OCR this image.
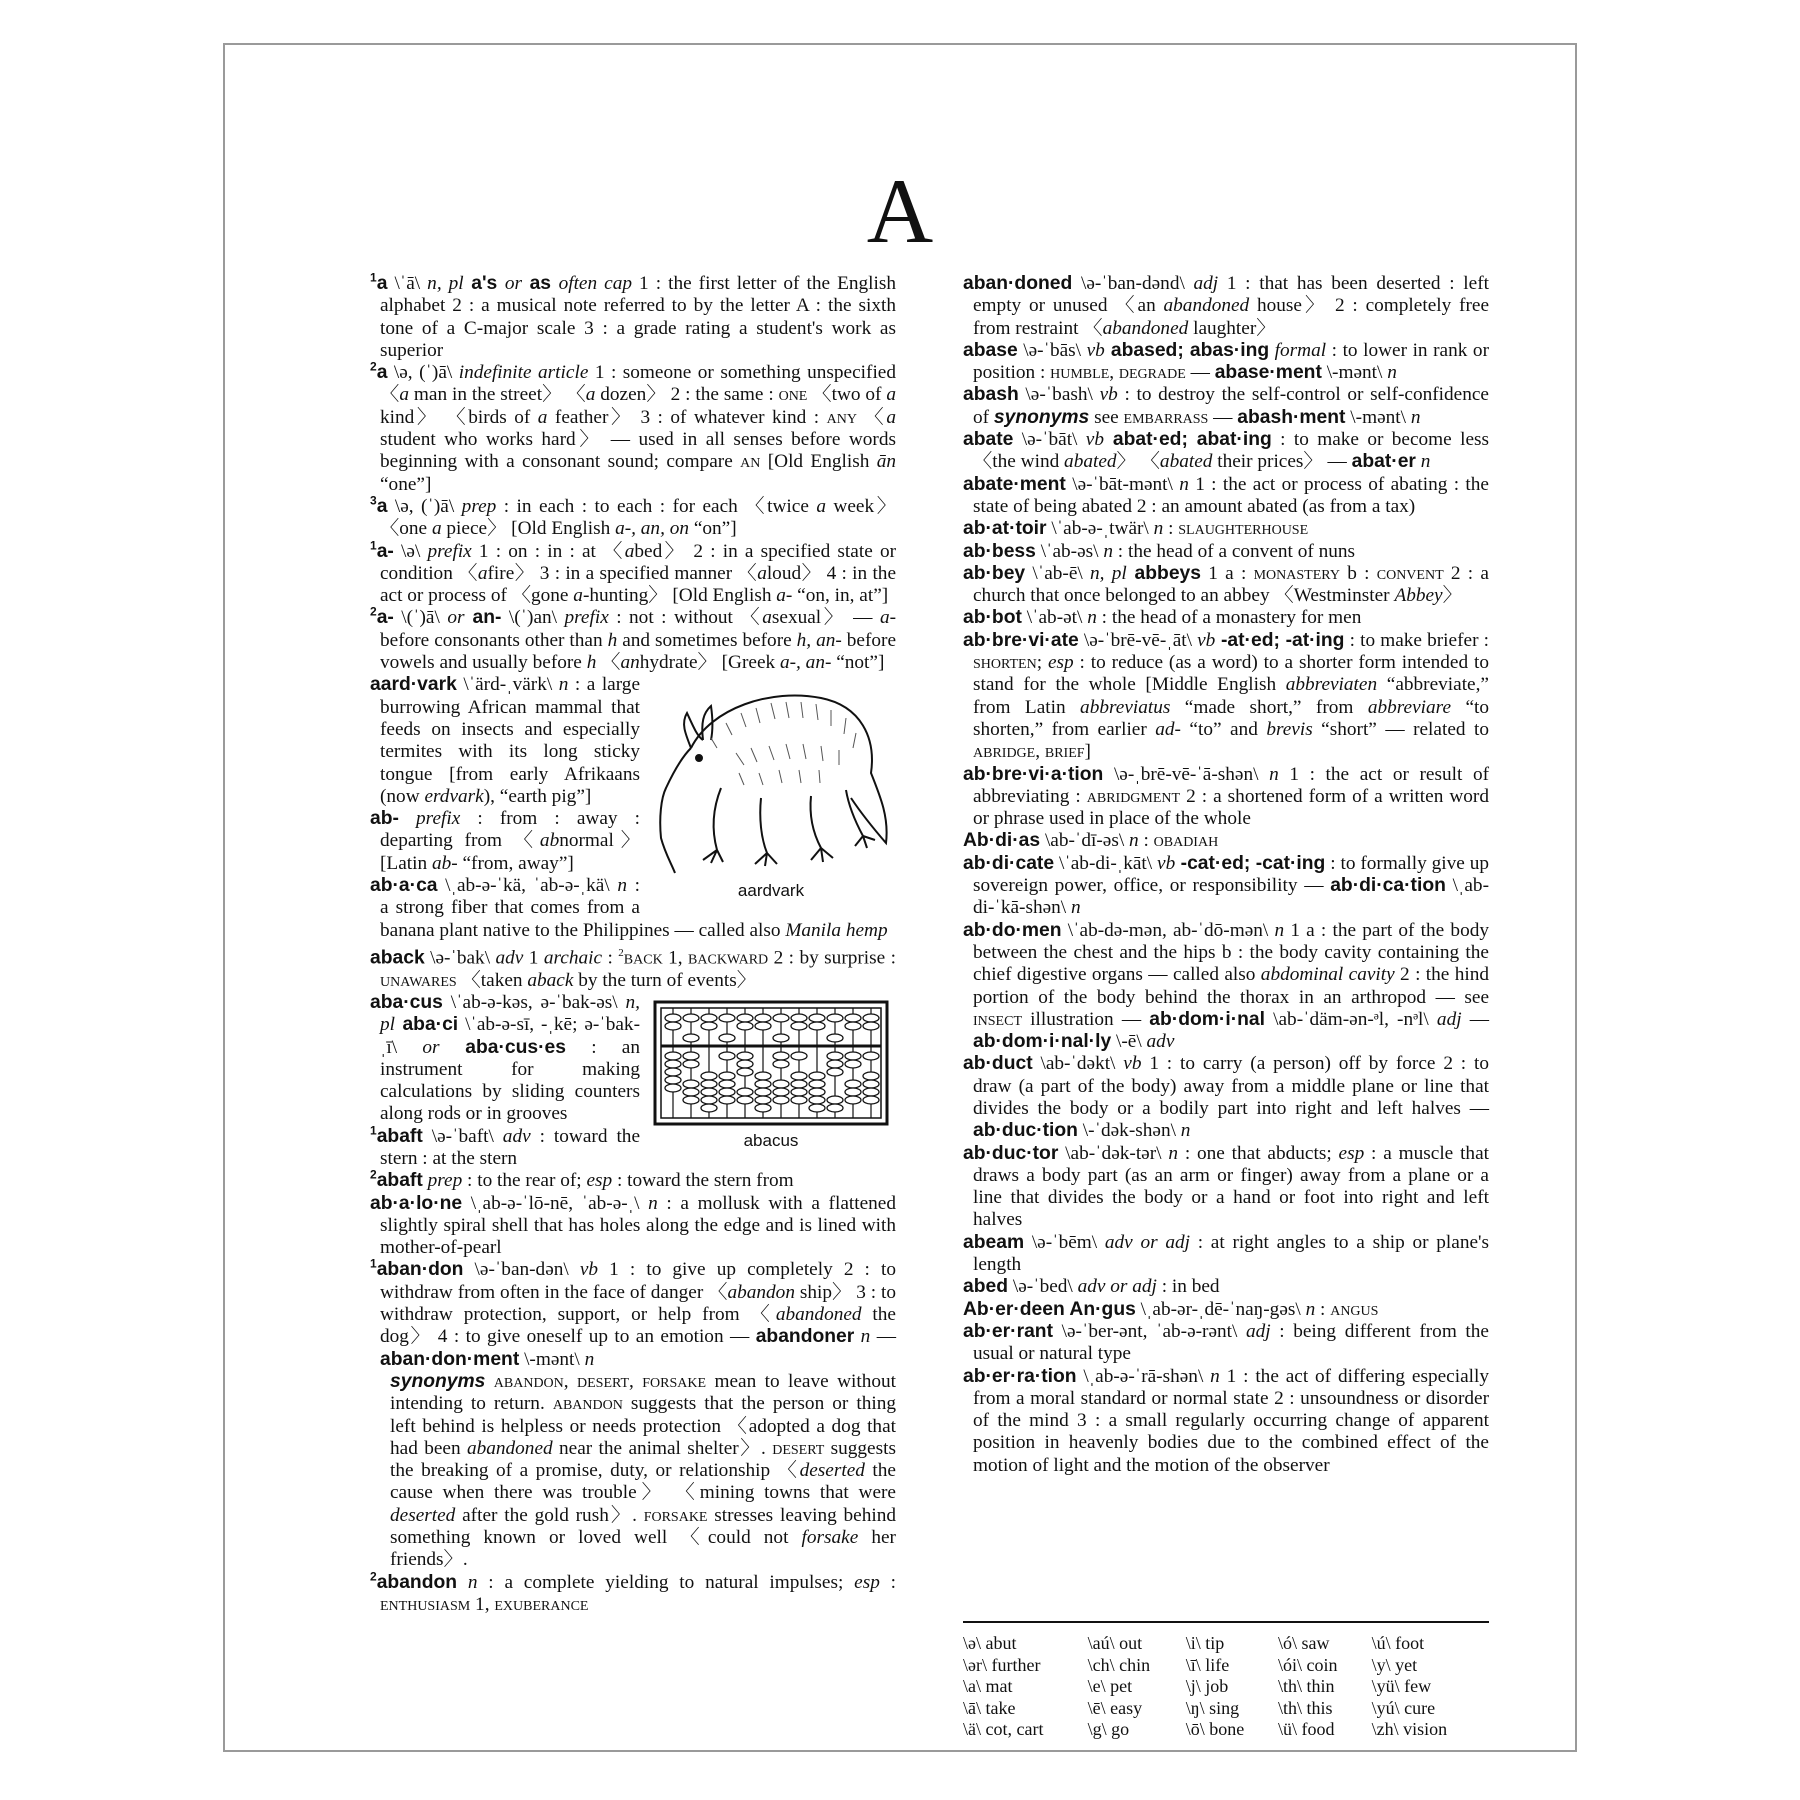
A

$^1$a \ˈā\ n, pl a's or as often cap 1 : the first letter of the English alphabet 2 : a musical note referred to by the letter A : the sixth tone of a C-major scale 3 : a grade rating a student's work as superior

$^2$a \ə, (ˈ)ā\ indefinite article 1 : someone or something unspecified 〈a man in the street〉 〈a dozen〉 2 : the same : one 〈two of a kind〉 〈birds of a feather〉 3 : of whatever kind : any 〈a student who works hard〉 — used in all senses before words beginning with a consonant sound; compare an [Old English ān “one”]

$^3$a \ə, (ˈ)ā\ prep : in each : to each : for each 〈twice a week〉 〈one a piece〉 [Old English a-, an, on “on”]

$^1$a- \ə\ prefix 1 : on : in : at 〈abed〉 2 : in a specified state or condition 〈afire〉 3 : in a specified manner 〈aloud〉 4 : in the act or process of 〈gone a-hunting〉 [Old English a- “on, in, at”]

$^2$a- \(ˈ)ā\ or an- \(ˈ)an\ prefix : not : without 〈asexual〉 — a- before consonants other than h and sometimes before h, an- before vowels and usually before h 〈anhydrate〉 [Greek a-, an- “not”]

aardvark

aard·vark \ˈärd-ˌvärk\ n : a large burrowing African mammal that feeds on insects and especially termites with its long sticky tongue [from early Afrikaans (now erdvark), “earth pig”]

ab- prefix : from : away : departing from 〈abnormal〉 [Latin ab- “from, away”]

ab·a·ca \ˌab-ə-ˈkä, ˈab-ə-ˌkä\ n : a strong fiber that comes from a banana plant native to the Philippines — called also Manila hemp

aback \ə-ˈbak\ adv 1 archaic : $^2$back 1, backward 2 : by surprise : unawares 〈taken aback by the turn of events〉

abacus

aba·cus \ˈab-ə-kəs, ə-ˈbak-əs\ n, pl aba·ci \ˈab-ə-sī, -ˌkē; ə-ˈbak-ˌī\ or aba·cus·es : an instrument for making calculations by sliding counters along rods or in grooves

$^1$abaft \ə-ˈbaft\ adv : toward the stern : at the stern

$^2$abaft prep : to the rear of; esp : toward the stern from

ab·a·lo·ne \ˌab-ə-ˈlō-nē, ˈab-ə-ˌ\ n : a mollusk with a flattened slightly spiral shell that has holes along the edge and is lined with mother-of-pearl

$^1$aban·don \ə-ˈban-dən\ vb 1 : to give up completely 2 : to withdraw from often in the face of danger 〈abandon ship〉 3 : to withdraw protection, support, or help from 〈abandoned the dog〉 4 : to give oneself up to an emotion — abandoner n — aban·don·ment \-mənt\ n

synonyms abandon, desert, forsake mean to leave without intending to return. abandon suggests that the person or thing left behind is helpless or needs protection 〈adopted a dog that had been abandoned near the animal shelter〉. desert suggests the breaking of a promise, duty, or relationship 〈deserted the cause when there was trouble〉 〈mining towns that were deserted after the gold rush〉. forsake stresses leaving behind something known or loved well 〈could not forsake her friends〉.

$^2$abandon n : a complete yielding to natural impulses; esp : enthusiasm 1, exuberance

aban·doned \ə-ˈban-dənd\ adj 1 : that has been deserted : left empty or unused 〈an abandoned house〉 2 : completely free from restraint 〈abandoned laughter〉

abase \ə-ˈbās\ vb abased; abas·ing formal : to lower in rank or position : humble, degrade — abase·ment \-mənt\ n

abash \ə-ˈbash\ vb : to destroy the self-control or self-confidence of synonyms see embarrass — abash·ment \-mənt\ n

abate \ə-ˈbāt\ vb abat·ed; abat·ing : to make or become less 〈the wind abated〉 〈abated their prices〉 — abat·er n

abate·ment \ə-ˈbāt-mənt\ n 1 : the act or process of abating : the state of being abated 2 : an amount abated (as from a tax)

ab·at·toir \ˈab-ə-ˌtwär\ n : slaughterhouse

ab·bess \ˈab-əs\ n : the head of a convent of nuns

ab·bey \ˈab-ē\ n, pl abbeys 1 a : monastery b : convent 2 : a church that once belonged to an abbey 〈Westminster Abbey〉

ab·bot \ˈab-ət\ n : the head of a monastery for men

ab·bre·vi·ate \ə-ˈbrē-vē-ˌāt\ vb -at·ed; -at·ing : to make briefer : shorten; esp : to reduce (as a word) to a shorter form intended to stand for the whole [Middle English abbreviaten “abbreviate,” from Latin abbreviatus “made short,” from abbreviare “to shorten,” from earlier ad- “to” and brevis “short” — related to abridge, brief]

ab·bre·vi·a·tion \ə-ˌbrē-vē-ˈā-shən\ n 1 : the act or result of abbreviating : abridgment 2 : a shortened form of a written word or phrase used in place of the whole

Ab·di·as \ab-ˈdī-əs\ n : obadiah

ab·di·cate \ˈab-di-ˌkāt\ vb -cat·ed; -cat·ing : to formally give up sovereign power, office, or responsibility — ab·di·ca·tion \ˌab-di-ˈkā-shən\ n

ab·do·men \ˈab-də-mən, ab-ˈdō-mən\ n 1 a : the part of the body between the chest and the hips b : the body cavity containing the chief digestive organs — called also abdominal cavity 2 : the hind portion of the body behind the thorax in an arthropod — see insect illustration — ab·dom·i·nal \ab-ˈdäm-ən-ᵊl, -nᵊl\ adj — ab·dom·i·nal·ly \-ē\ adv

ab·duct \ab-ˈdəkt\ vb 1 : to carry (a person) off by force 2 : to draw (a part of the body) away from a middle plane or line that divides the body or a bodily part into right and left halves — ab·duc·tion \-ˈdək-shən\ n

ab·duc·tor \ab-ˈdək-tər\ n : one that abducts; esp : a muscle that draws a body part (as an arm or finger) away from a plane or a line that divides the body or a hand or foot into right and left halves

abeam \ə-ˈbēm\ adv or adj : at right angles to a ship or plane's length

abed \ə-ˈbed\ adv or adj : in bed

Ab·er·deen An·gus \ˌab-ər-ˌdē-ˈnaŋ-gəs\ n : angus

ab·er·rant \ə-ˈber-ənt, ˈab-ə-rənt\ adj : being different from the usual or natural type

ab·er·ra·tion \ˌab-ə-ˈrā-shən\ n 1 : the act of differing especially from a moral standard or normal state 2 : unsoundness or disorder of the mind 3 : a small regularly occurring change of apparent position in heavenly bodies due to the combined effect of the motion of light and the motion of the observer

\ə\ abut	\aú\ out	\i\ tip	\ó\ saw	\ú\ foot
\ər\ further	\ch\ chin	\ī\ life	\ói\ coin	\y\ yet
\a\ mat	\e\ pet	\j\ job	\th\ thin	\yü\ few
\ā\ take	\ē\ easy	\ŋ\ sing	\th\ this	\yú\ cure
\ä\ cot, cart	\g\ go	\ō\ bone	\ü\ food	\zh\ vision
